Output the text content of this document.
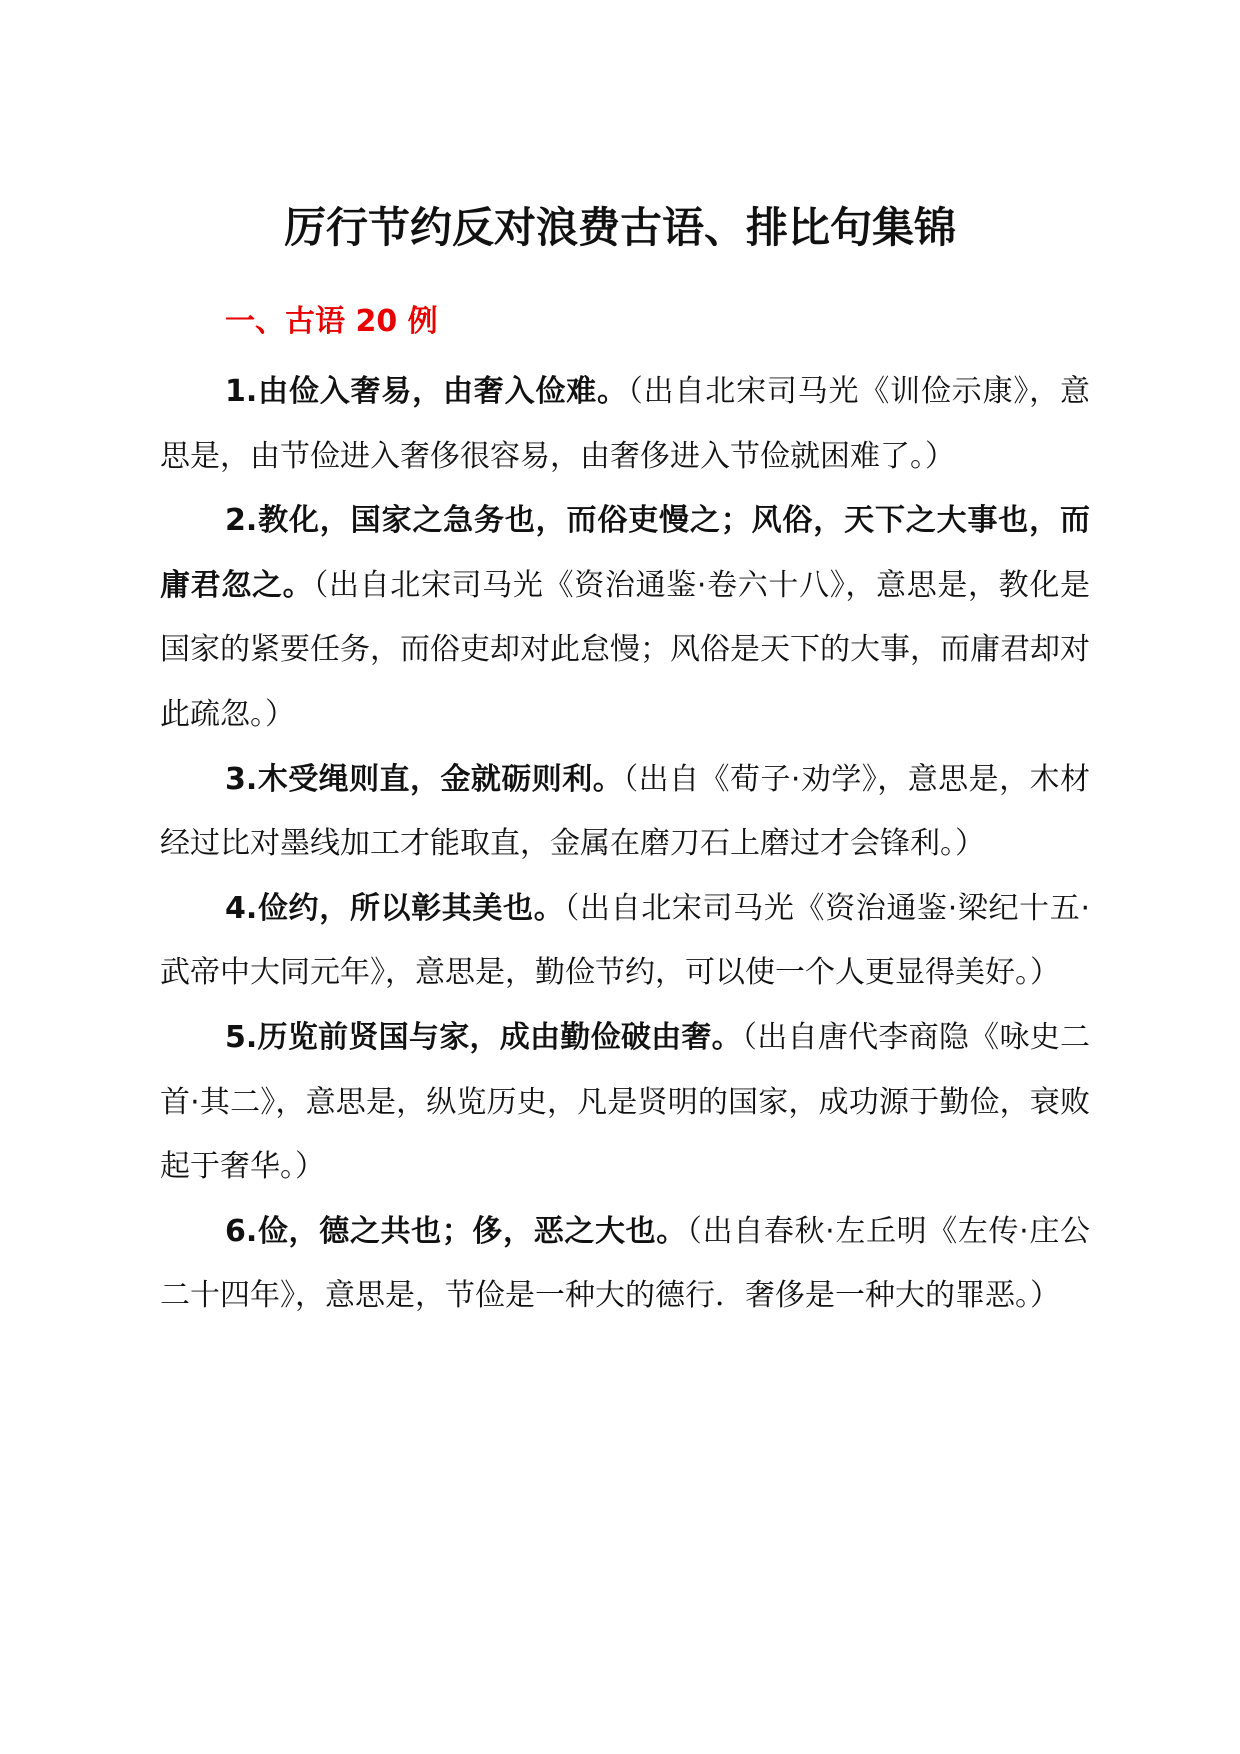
厉行节约反对浪费古语、排比句集锦
一、古语 20 例

1.由俭入奢易，由奢入俭难。（出自北宋司马光《训俭示康》，意思是，由节俭进入奢侈很容易，由奢侈进入节俭就困难了。）

2.教化，国家之急务也，而俗吏慢之；风俗，天下之大事也，而庸君忽之。（出自北宋司马光《资治通鉴·卷六十八》，意思是，教化是国家的紧要任务，而俗吏却对此怠慢；风俗是天下的大事，而庸君却对此疏忽。）

3.木受绳则直，金就砺则利。（出自《荀子·劝学》，意思是，木材经过比对墨线加工才能取直，金属在磨刀石上磨过才会锋利。）

4.俭约，所以彰其美也。（出自北宋司马光《资治通鉴·梁纪十五·武帝中大同元年》，意思是，勤俭节约，可以使一个人更显得美好。）

5.历览前贤国与家，成由勤俭破由奢。（出自唐代李商隐《咏史二首·其二》，意思是，纵览历史，凡是贤明的国家，成功源于勤俭，衰败起于奢华。）

6.俭，德之共也；侈，恶之大也。（出自春秋·左丘明《左传·庄公二十四年》，意思是，节俭是一种大的德行．奢侈是一种大的罪恶。）
